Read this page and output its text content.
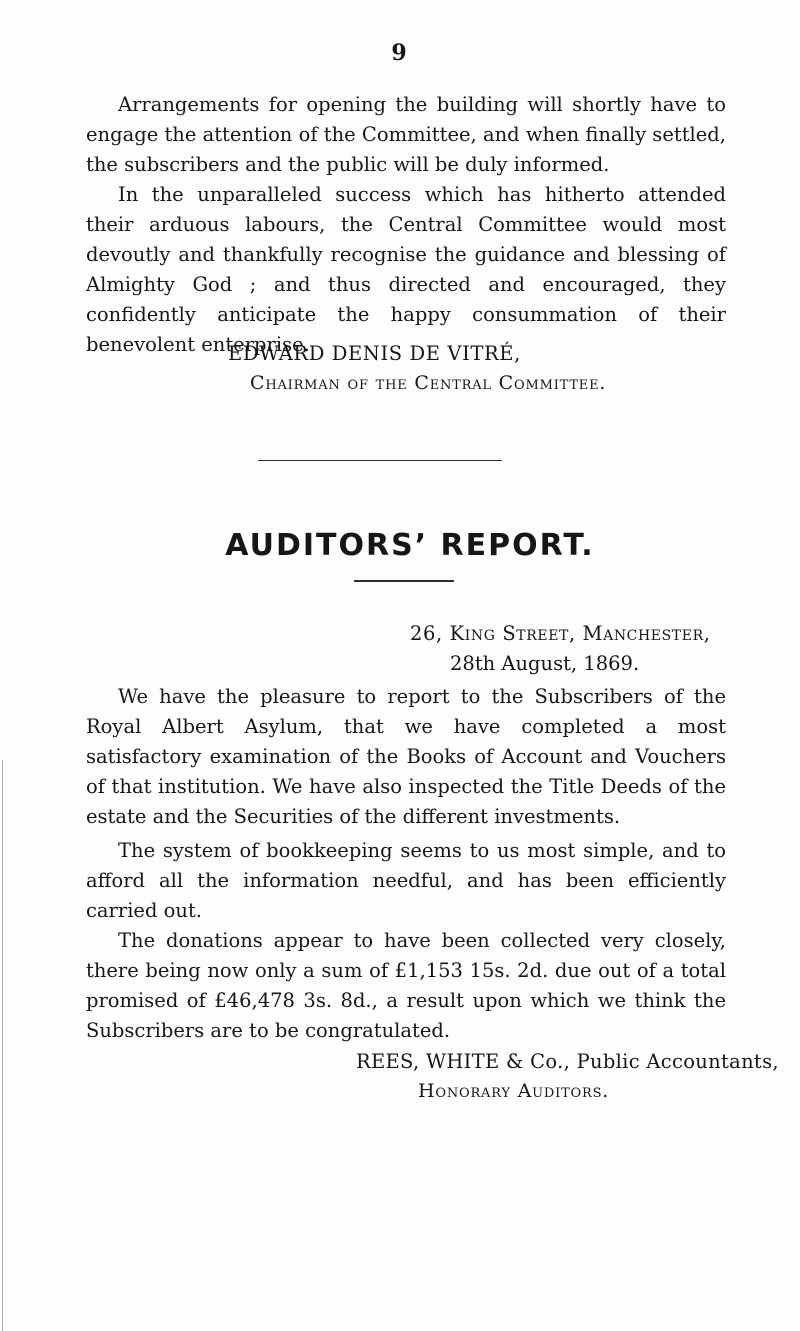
9

Arrangements for opening the building will shortly have to engage the attention of the Committee, and when finally settled, the subscribers and the public will be duly informed.

In the unparalleled success which has hitherto attended their arduous labours, the Central Committee would most devoutly and thankfully recognise the guidance and blessing of Almighty God ; and thus directed and encouraged, they confidently anticipate the happy consummation of their benevolent enterprise.

EDWARD DENIS DE VITRÉ,
Chairman of the Central Committee.
AUDITORS’ REPORT.
26, King Street, Manchester,
28th August, 1869.

We have the pleasure to report to the Subscribers of the Royal Albert Asylum, that we have completed a most satisfactory examination of the Books of Account and Vouchers of that institution. We have also inspected the Title Deeds of the estate and the Securities of the different investments.

The system of bookkeeping seems to us most simple, and to afford all the information needful, and has been efficiently carried out.

The donations appear to have been collected very closely, there being now only a sum of £1,153 15s. 2d. due out of a total promised of £46,478 3s. 8d., a result upon which we think the Subscribers are to be congratulated.

REES, WHITE & Co., Public Accountants,
Honorary Auditors.
